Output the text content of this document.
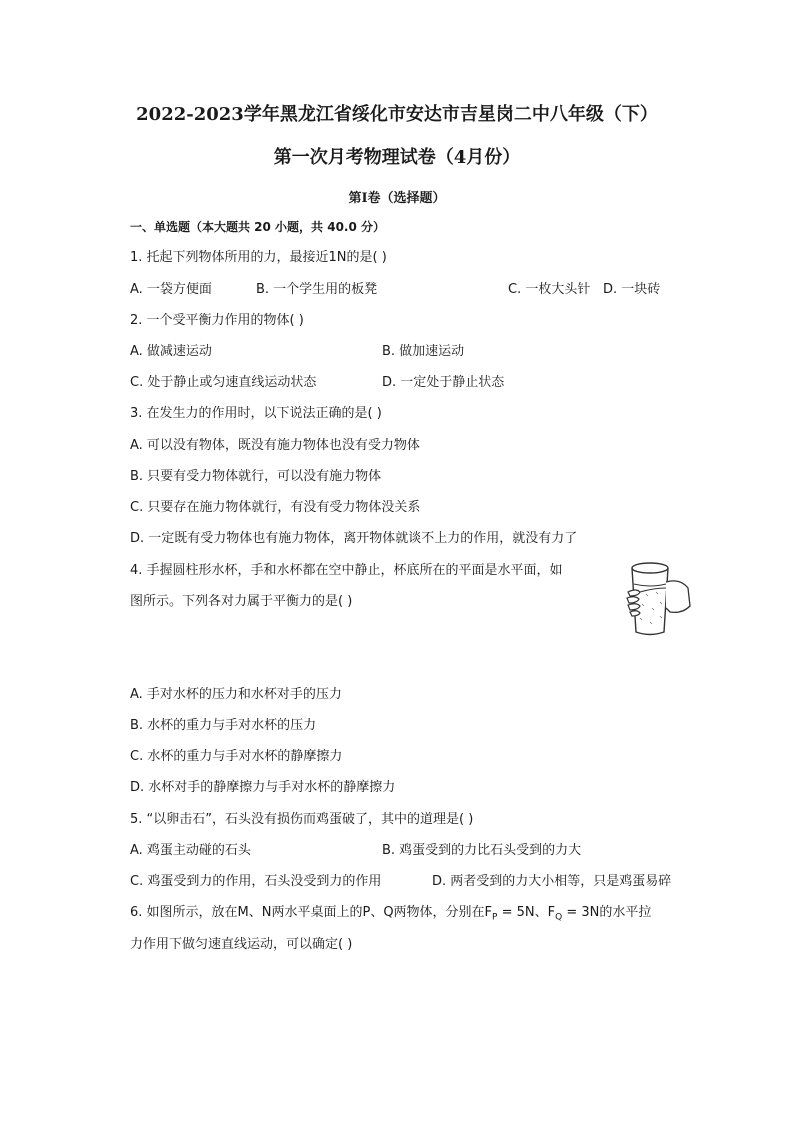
2022-2023学年黑龙江省绥化市安达市吉星岗二中八年级（下）
第一次月考物理试卷（4月份）
第Ⅰ卷（选择题）
一、单选题（本大题共 20 小题，共 40.0 分）
1. 托起下列物体所用的力，最接近1N的是( )
A. 一袋方便面	B. 一个学生用的板凳	C. 一枚大头针 D. 一块砖
2. 一个受平衡力作用的物体( )
A. 做减速运动	B. 做加速运动
C. 处于静止或匀速直线运动状态	D. 一定处于静止状态
3. 在发生力的作用时，以下说法正确的是( )
A. 可以没有物体，既没有施力物体也没有受力物体
B. 只要有受力物体就行，可以没有施力物体
C. 只要存在施力物体就行，有没有受力物体没关系
D. 一定既有受力物体也有施力物体，离开物体就谈不上力的作用，就没有力了
4. 手握圆柱形水杯，手和水杯都在空中静止，杯底所在的平面是水平面，如
图所示。下列各对力属于平衡力的是( )
A. 手对水杯的压力和水杯对手的压力
B. 水杯的重力与手对水杯的压力
C. 水杯的重力与手对水杯的静摩擦力
D. 水杯对手的静摩擦力与手对水杯的静摩擦力
5. “以卵击石”，石头没有损伤而鸡蛋破了，其中的道理是( )
A. 鸡蛋主动碰的石头	B. 鸡蛋受到的力比石头受到的力大
C. 鸡蛋受到力的作用，石头没受到力的作用	D. 两者受到的力大小相等，只是鸡蛋易碎
6. 如图所示，放在M、N两水平桌面上的P、Q两物体，分别在$F_P = 5N$、$F_Q = 3N$的水平拉
力作用下做匀速直线运动，可以确定( )
